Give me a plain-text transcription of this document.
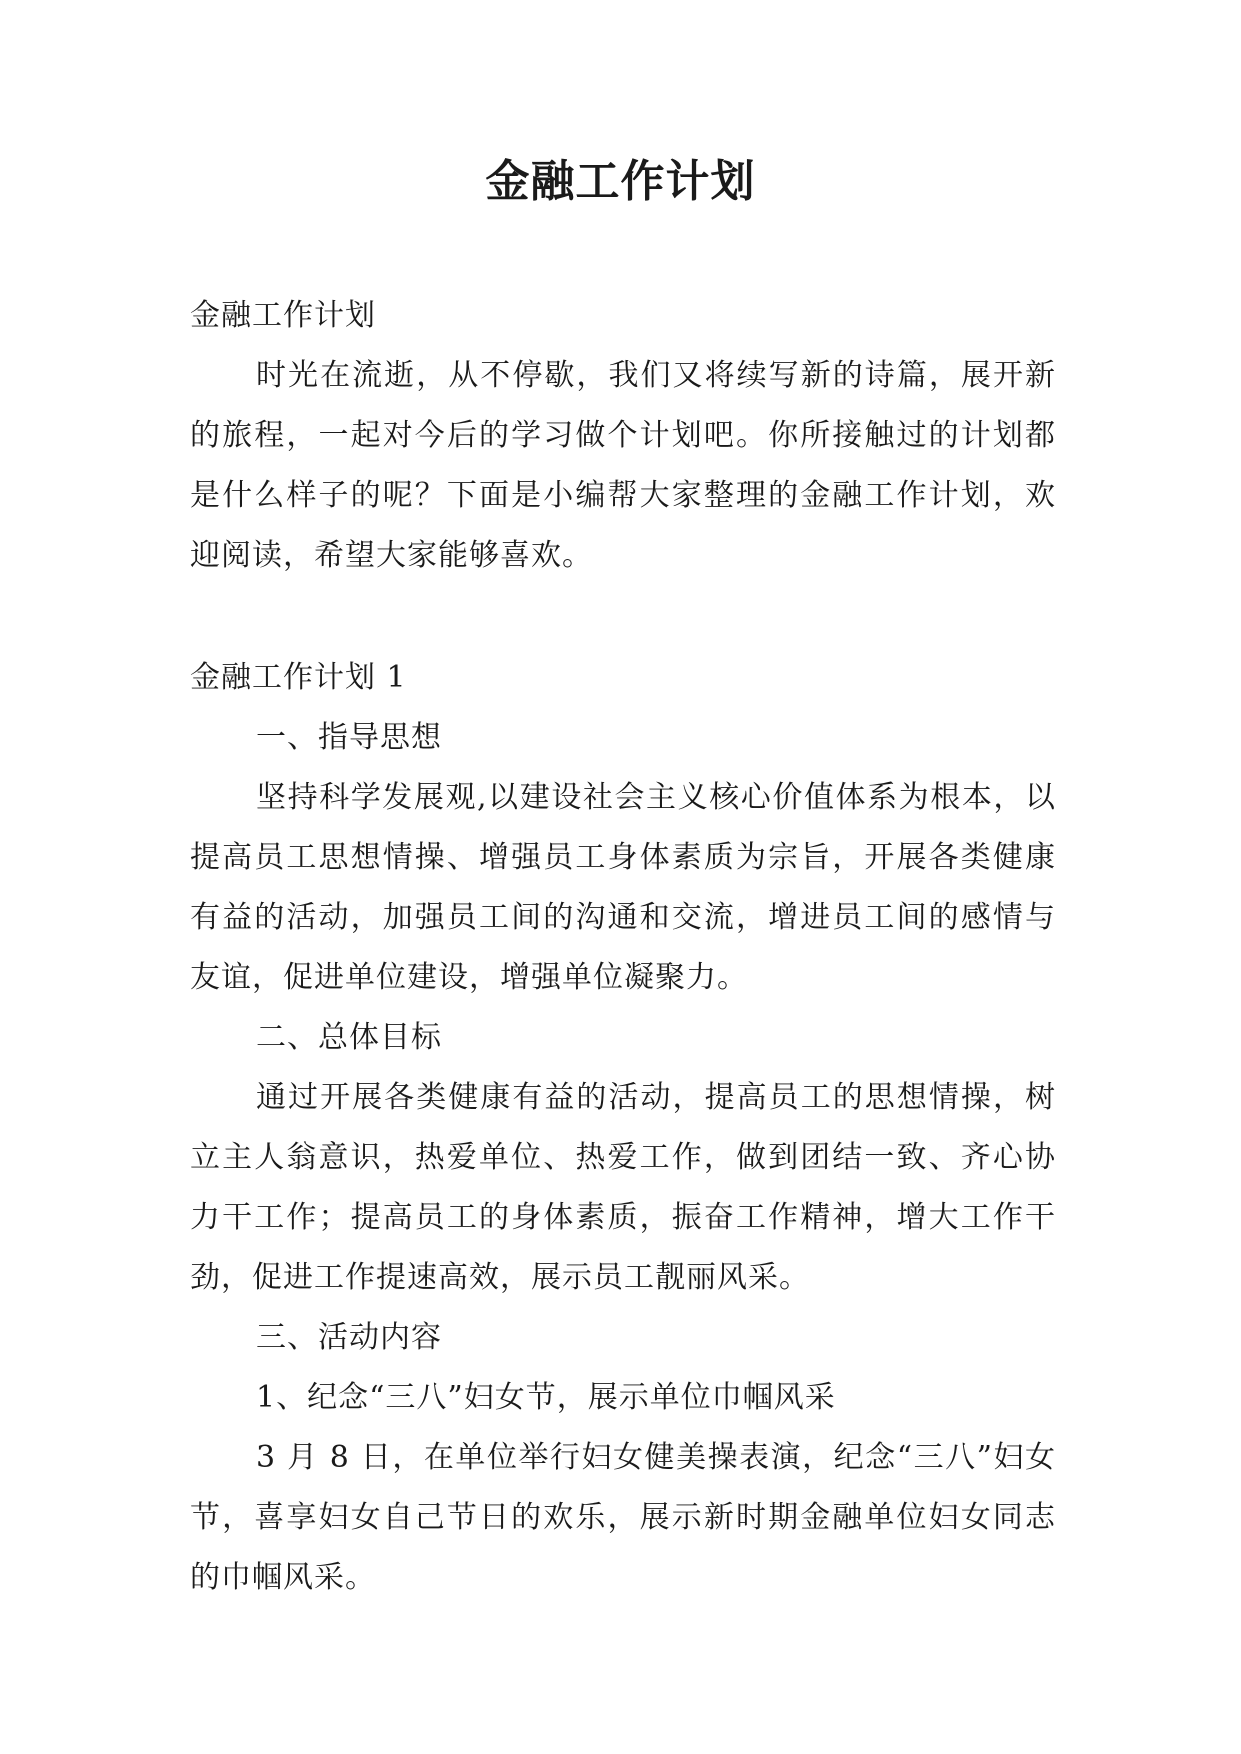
金融工作计划

金融工作计划

时光在流逝，从不停歇，我们又将续写新的诗篇，展开新的旅程，一起对今后的学习做个计划吧。你所接触过的计划都是什么样子的呢？下面是小编帮大家整理的金融工作计划，欢迎阅读，希望大家能够喜欢。

金融工作计划 1

一、指导思想

坚持科学发展观,以建设社会主义核心价值体系为根本，以提高员工思想情操、增强员工身体素质为宗旨，开展各类健康有益的活动，加强员工间的沟通和交流，增进员工间的感情与友谊，促进单位建设，增强单位凝聚力。

二、总体目标

通过开展各类健康有益的活动，提高员工的思想情操，树立主人翁意识，热爱单位、热爱工作，做到团结一致、齐心协力干工作；提高员工的身体素质，振奋工作精神，增大工作干劲，促进工作提速高效，展示员工靓丽风采。

三、活动内容

1、纪念“三八”妇女节，展示单位巾帼风采

3 月 8 日，在单位举行妇女健美操表演，纪念“三八”妇女节，喜享妇女自己节日的欢乐，展示新时期金融单位妇女同志的巾帼风采。
